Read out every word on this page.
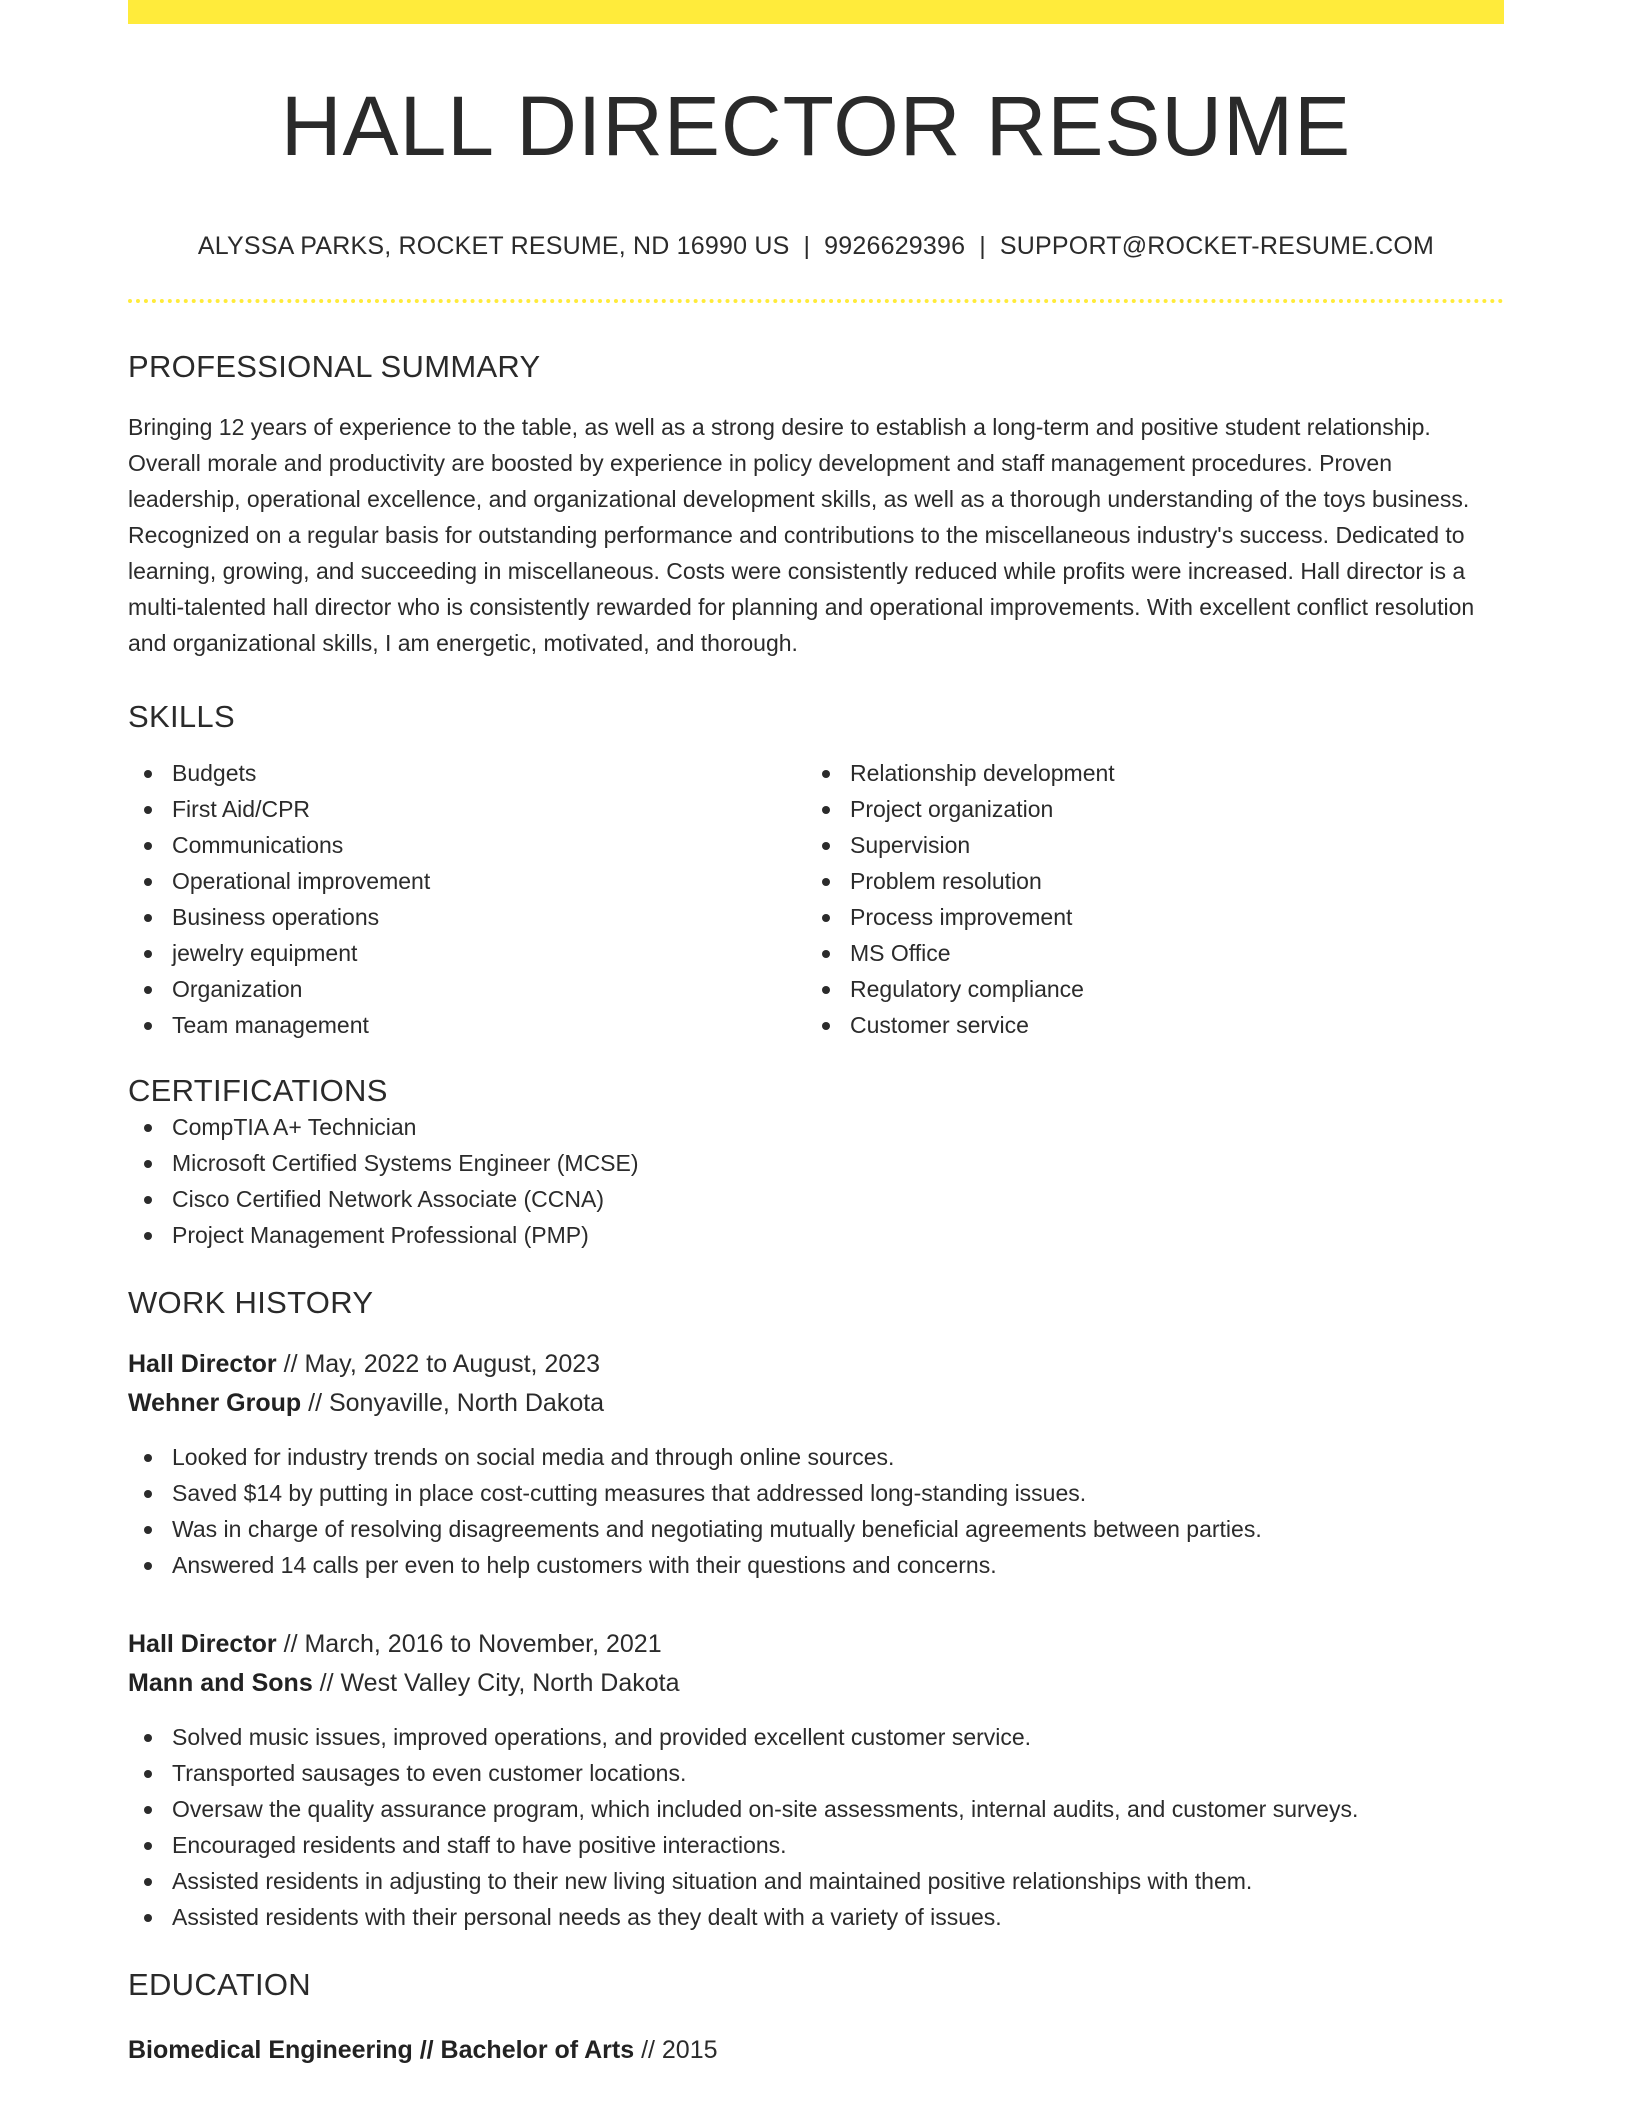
HALL DIRECTOR RESUME
ALYSSA PARKS, ROCKET RESUME, ND 16990 US | 9926629396 | SUPPORT@ROCKET-RESUME.COM
PROFESSIONAL SUMMARY

Bringing 12 years of experience to the table, as well as a strong desire to establish a long-term and positive student relationship. Overall morale and productivity are boosted by experience in policy development and staff management procedures. Proven leadership, operational excellence, and organizational development skills, as well as a thorough understanding of the toys business. Recognized on a regular basis for outstanding performance and contributions to the miscellaneous industry's success. Dedicated to learning, growing, and succeeding in miscellaneous. Costs were consistently reduced while profits were increased. Hall director is a multi-talented hall director who is consistently rewarded for planning and operational improvements. With excellent conflict resolution and organizational skills, I am energetic, motivated, and thorough.

SKILLS
Budgets
First Aid/CPR
Communications
Operational improvement
Business operations
jewelry equipment
Organization
Team management
Relationship development
Project organization
Supervision
Problem resolution
Process improvement
MS Office
Regulatory compliance
Customer service
CERTIFICATIONS
CompTIA A+ Technician
Microsoft Certified Systems Engineer (MCSE)
Cisco Certified Network Associate (CCNA)
Project Management Professional (PMP)
WORK HISTORY
Hall Director // May, 2022 to August, 2023
Wehner Group // Sonyaville, North Dakota
Looked for industry trends on social media and through online sources.
Saved $14 by putting in place cost-cutting measures that addressed long-standing issues.
Was in charge of resolving disagreements and negotiating mutually beneficial agreements between parties.
Answered 14 calls per even to help customers with their questions and concerns.
Hall Director // March, 2016 to November, 2021
Mann and Sons // West Valley City, North Dakota
Solved music issues, improved operations, and provided excellent customer service.
Transported sausages to even customer locations.
Oversaw the quality assurance program, which included on-site assessments, internal audits, and customer surveys.
Encouraged residents and staff to have positive interactions.
Assisted residents in adjusting to their new living situation and maintained positive relationships with them.
Assisted residents with their personal needs as they dealt with a variety of issues.
EDUCATION
Biomedical Engineering // Bachelor of Arts // 2015
